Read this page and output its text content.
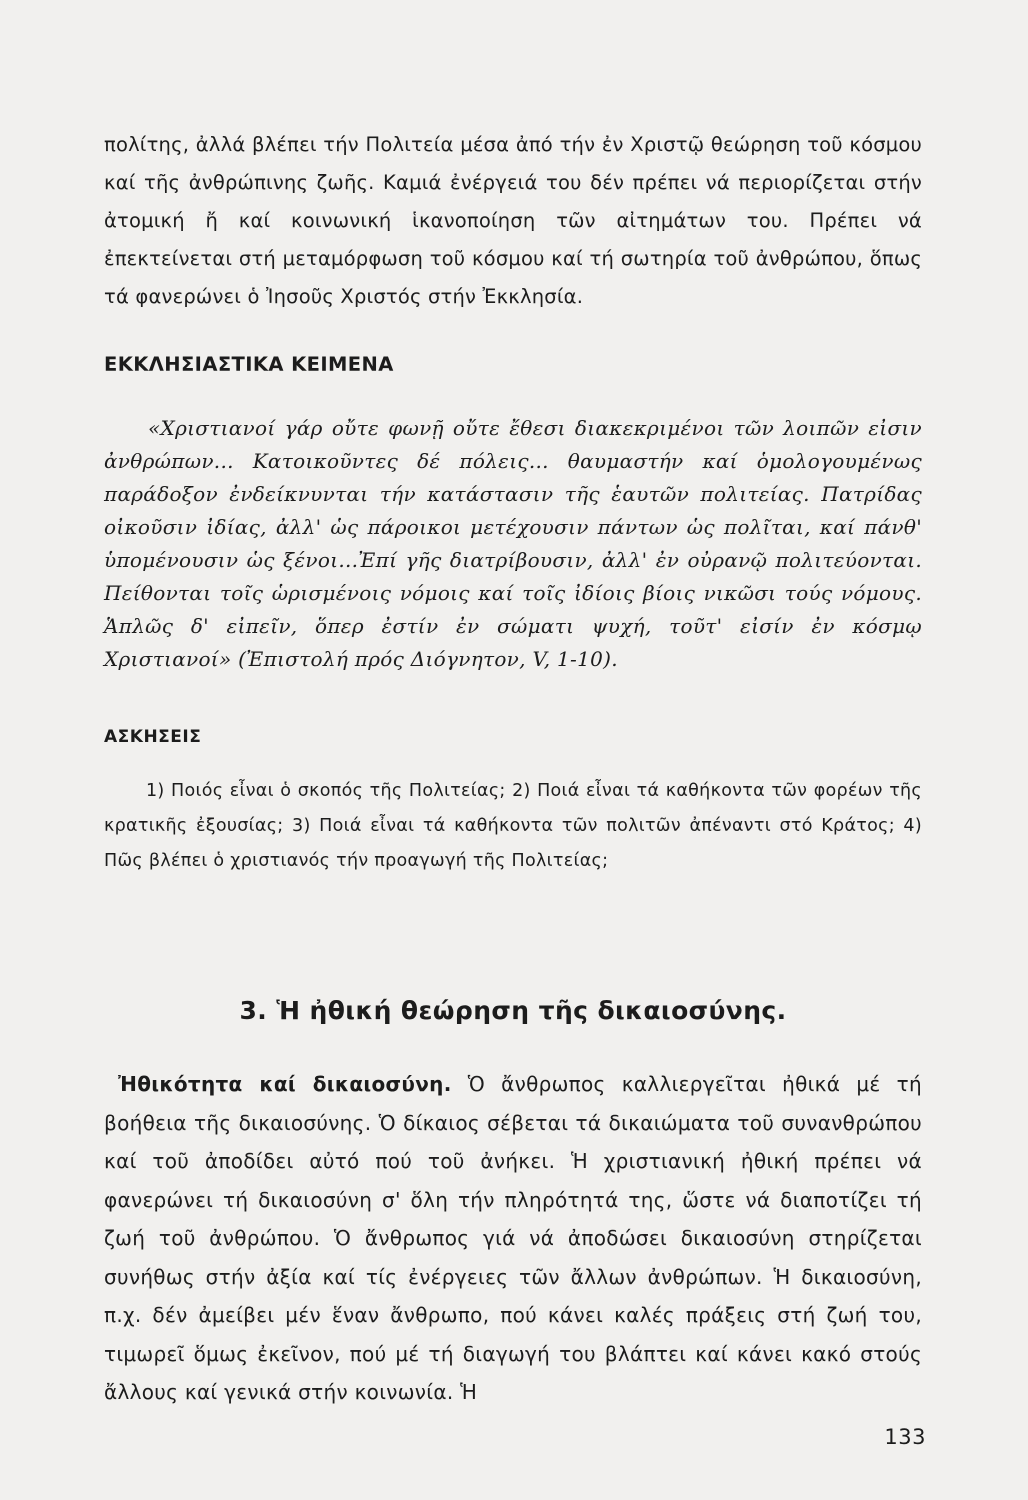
πολίτης, ἀλλά βλέπει τήν Πολιτεία μέσα ἀπό τήν ἐν Χριστῷ θεώρηση τοῦ κόσμου καί τῆς ἀνθρώπινης ζωῆς. Καμιά ἐνέργειά του δέν πρέπει νά περιορίζεται στήν ἀτομική ἤ καί κοινωνική ἱκανοποίηση τῶν αἰτημάτων του. Πρέπει νά ἐπεκτείνεται στή μεταμόρφωση τοῦ κόσμου καί τή σωτηρία τοῦ ἀνθρώπου, ὅπως τά φανερώνει ὁ Ἰησοῦς Χριστός στήν Ἐκκλησία.

ΕΚΚΛΗΣΙΑΣΤΙΚΑ ΚΕΙΜΕΝΑ

«Χριστιανοί γάρ οὔτε φωνῇ οὔτε ἔθεσι διακεκριμένοι τῶν λοιπῶν εἰσιν ἀνθρώπων... Κατοικοῦντες δέ πόλεις... θαυμαστήν καί ὁμολογουμένως παράδοξον ἐνδείκνυνται τήν κατάστασιν τῆς ἑαυτῶν πολιτείας. Πατρίδας οἰκοῦσιν ἰδίας, ἀλλ' ὡς πάροικοι μετέχουσιν πάντων ὡς πολῖται, καί πάνθ' ὑπομένουσιν ὡς ξένοι...Ἐπί γῆς διατρίβουσιν, ἀλλ' ἐν οὐρανῷ πολιτεύονται. Πείθονται τοῖς ὡρισμένοις νόμοις καί τοῖς ἰδίοις βίοις νικῶσι τούς νόμους. Ἁπλῶς δ' εἰπεῖν, ὅπερ ἐστίν ἐν σώματι ψυχή, τοῦτ' εἰσίν ἐν κόσμῳ Χριστιανοί» (Ἐπιστολή πρός Διόγνητον, V, 1-10).

ΑΣΚΗΣΕΙΣ

1) Ποιός εἶναι ὁ σκοπός τῆς Πολιτείας; 2) Ποιά εἶναι τά καθήκοντα τῶν φορέων τῆς κρατικῆς ἐξουσίας; 3) Ποιά εἶναι τά καθήκοντα τῶν πολιτῶν ἀπέναντι στό Κράτος; 4) Πῶς βλέπει ὁ χριστιανός τήν προαγωγή τῆς Πολιτείας;

3. Ἡ ἠθική θεώρηση τῆς δικαιοσύνης.

Ἠθικότητα καί δικαιοσύνη. Ὁ ἄνθρωπος καλλιεργεῖται ἠθικά μέ τή βοήθεια τῆς δικαιοσύνης. Ὁ δίκαιος σέβεται τά δικαιώματα τοῦ συνανθρώπου καί τοῦ ἀποδίδει αὐτό πού τοῦ ἀνήκει. Ἡ χριστιανική ἠθική πρέπει νά φανερώνει τή δικαιοσύνη σ' ὅλη τήν πληρότητά της, ὥστε νά διαποτίζει τή ζωή τοῦ ἀνθρώπου. Ὁ ἄνθρωπος γιά νά ἀποδώσει δικαιοσύνη στηρίζεται συνήθως στήν ἀξία καί τίς ἐνέργειες τῶν ἄλλων ἀνθρώπων. Ἡ δικαιοσύνη, π.χ. δέν ἀμείβει μέν ἕναν ἄνθρωπο, πού κάνει καλές πράξεις στή ζωή του, τιμωρεῖ ὅμως ἐκεῖνον, πού μέ τή διαγωγή του βλάπτει καί κάνει κακό στούς ἄλλους καί γενικά στήν κοινωνία. Ἡ

133
